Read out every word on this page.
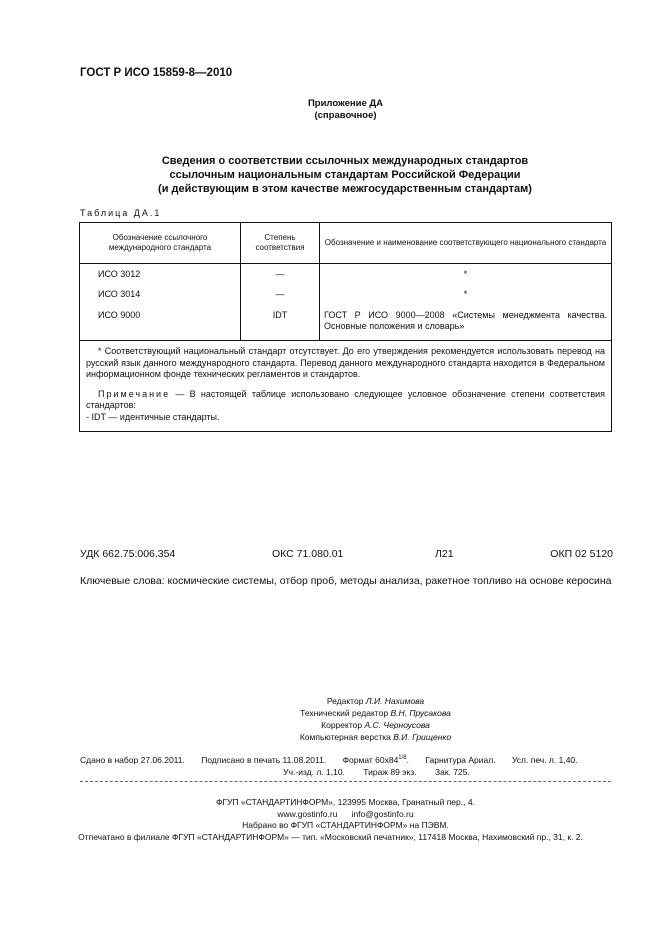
ГОСТ Р ИСО 15859-8—2010
Приложение ДА
(справочное)
Сведения о соответствии ссылочных международных стандартов
ссылочным национальным стандартам Российской Федерации
(и действующим в этом качестве межгосударственным стандартам)
Таблица ДА.1
Обозначение ссылочного международного стандарта	Степень соответствия	Обозначение и наименование соответствующего национального стандарта
ИСО 3012	—	*
ИСО 3014	—	*
ИСО 9000	IDT	ГОСТ Р ИСО 9000—2008 «Системы менеджмента качества.
Основные положения и словарь»

* Соответствующий национальный стандарт отсутствует. До его утверждения рекомендуется использовать перевод на русский язык данного международного стандарта. Перевод данного международного стандарта находится в Федеральном информационном фонде технических регламентов и стандартов.
Примечание — В настоящей таблице использовано следующее условное обозначение степени соответствия стандартов:
- IDT — идентичные стандарты.		
УДК 662.75:006.354	ОКС 71.080.01	Л21	ОКП 02 5120
Ключевые слова: космические системы, отбор проб, методы анализа, ракетное топливо на основе керосина
Редактор Л.И. Нахимова
Технический редактор В.Н. Прусакова
Корректор А.С. Черноусова
Компьютерная верстка В.И. Грищенко
Сдано в набор 27.06.2011. Подписано в печать 11.08.2011. Формат $60х84^{1/8}$. Гарнитура Ариал. Усл. печ. л. 1,40.
Уч.-изд. л. 1,10. Тираж 89 экз. Зак. 725.
ФГУП «СТАНДАРТИНФОРМ», 123995 Москва, Гранатный пер., 4.
www.gostinfo.ru info@gostinfo.ru
Набрано во ФГУП «СТАНДАРТИНФОРМ» на ПЭВМ.
Отпечатано в филиале ФГУП «СТАНДАРТИНФОРМ» — тип. «Московский печатник», 117418 Москва, Нахимовский пр., 31, к. 2.
